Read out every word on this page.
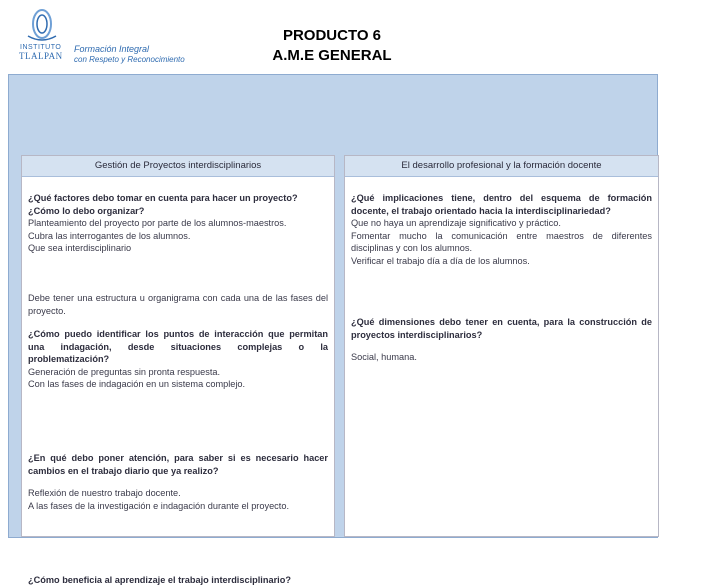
INSTITUTO
TLALPAN
Formación Integral
con Respeto y Reconocimiento
PRODUCTO 6
A.M.E GENERAL
Gestión de Proyectos interdisciplinarios

¿Qué factores debo tomar en cuenta para hacer un proyecto?

¿Cómo lo debo organizar?

Planteamiento del proyecto por parte de los alumnos-maestros.

Cubra las interrogantes de los alumnos.

Que sea interdisciplinario

Debe tener una estructura u organigrama con cada una de las fases del proyecto.

¿Cómo puedo identificar los puntos de interacción que permitan una indagación, desde situaciones complejas o la problematización?

Generación de preguntas sin pronta respuesta.

Con las fases de indagación en un sistema complejo.

¿En qué debo poner atención, para saber si es necesario hacer cambios en el trabajo diario que ya realizo?

Reflexión de nuestro trabajo docente.

A las fases de la investigación e indagación durante el proyecto.

¿Cómo beneficia al aprendizaje el trabajo interdisciplinario?

El desarrollo profesional y la formación docente

¿Qué implicaciones tiene, dentro del esquema de formación docente, el trabajo orientado hacia la interdisciplinariedad?

Que no haya un aprendizaje significativo y práctico.

Fomentar mucho la comunicación entre maestros de diferentes disciplinas y con los alumnos.

Verificar el trabajo día a día de los alumnos.

¿Qué dimensiones debo tener en cuenta, para la construcción de proyectos interdisciplinarios?

Social, humana.
